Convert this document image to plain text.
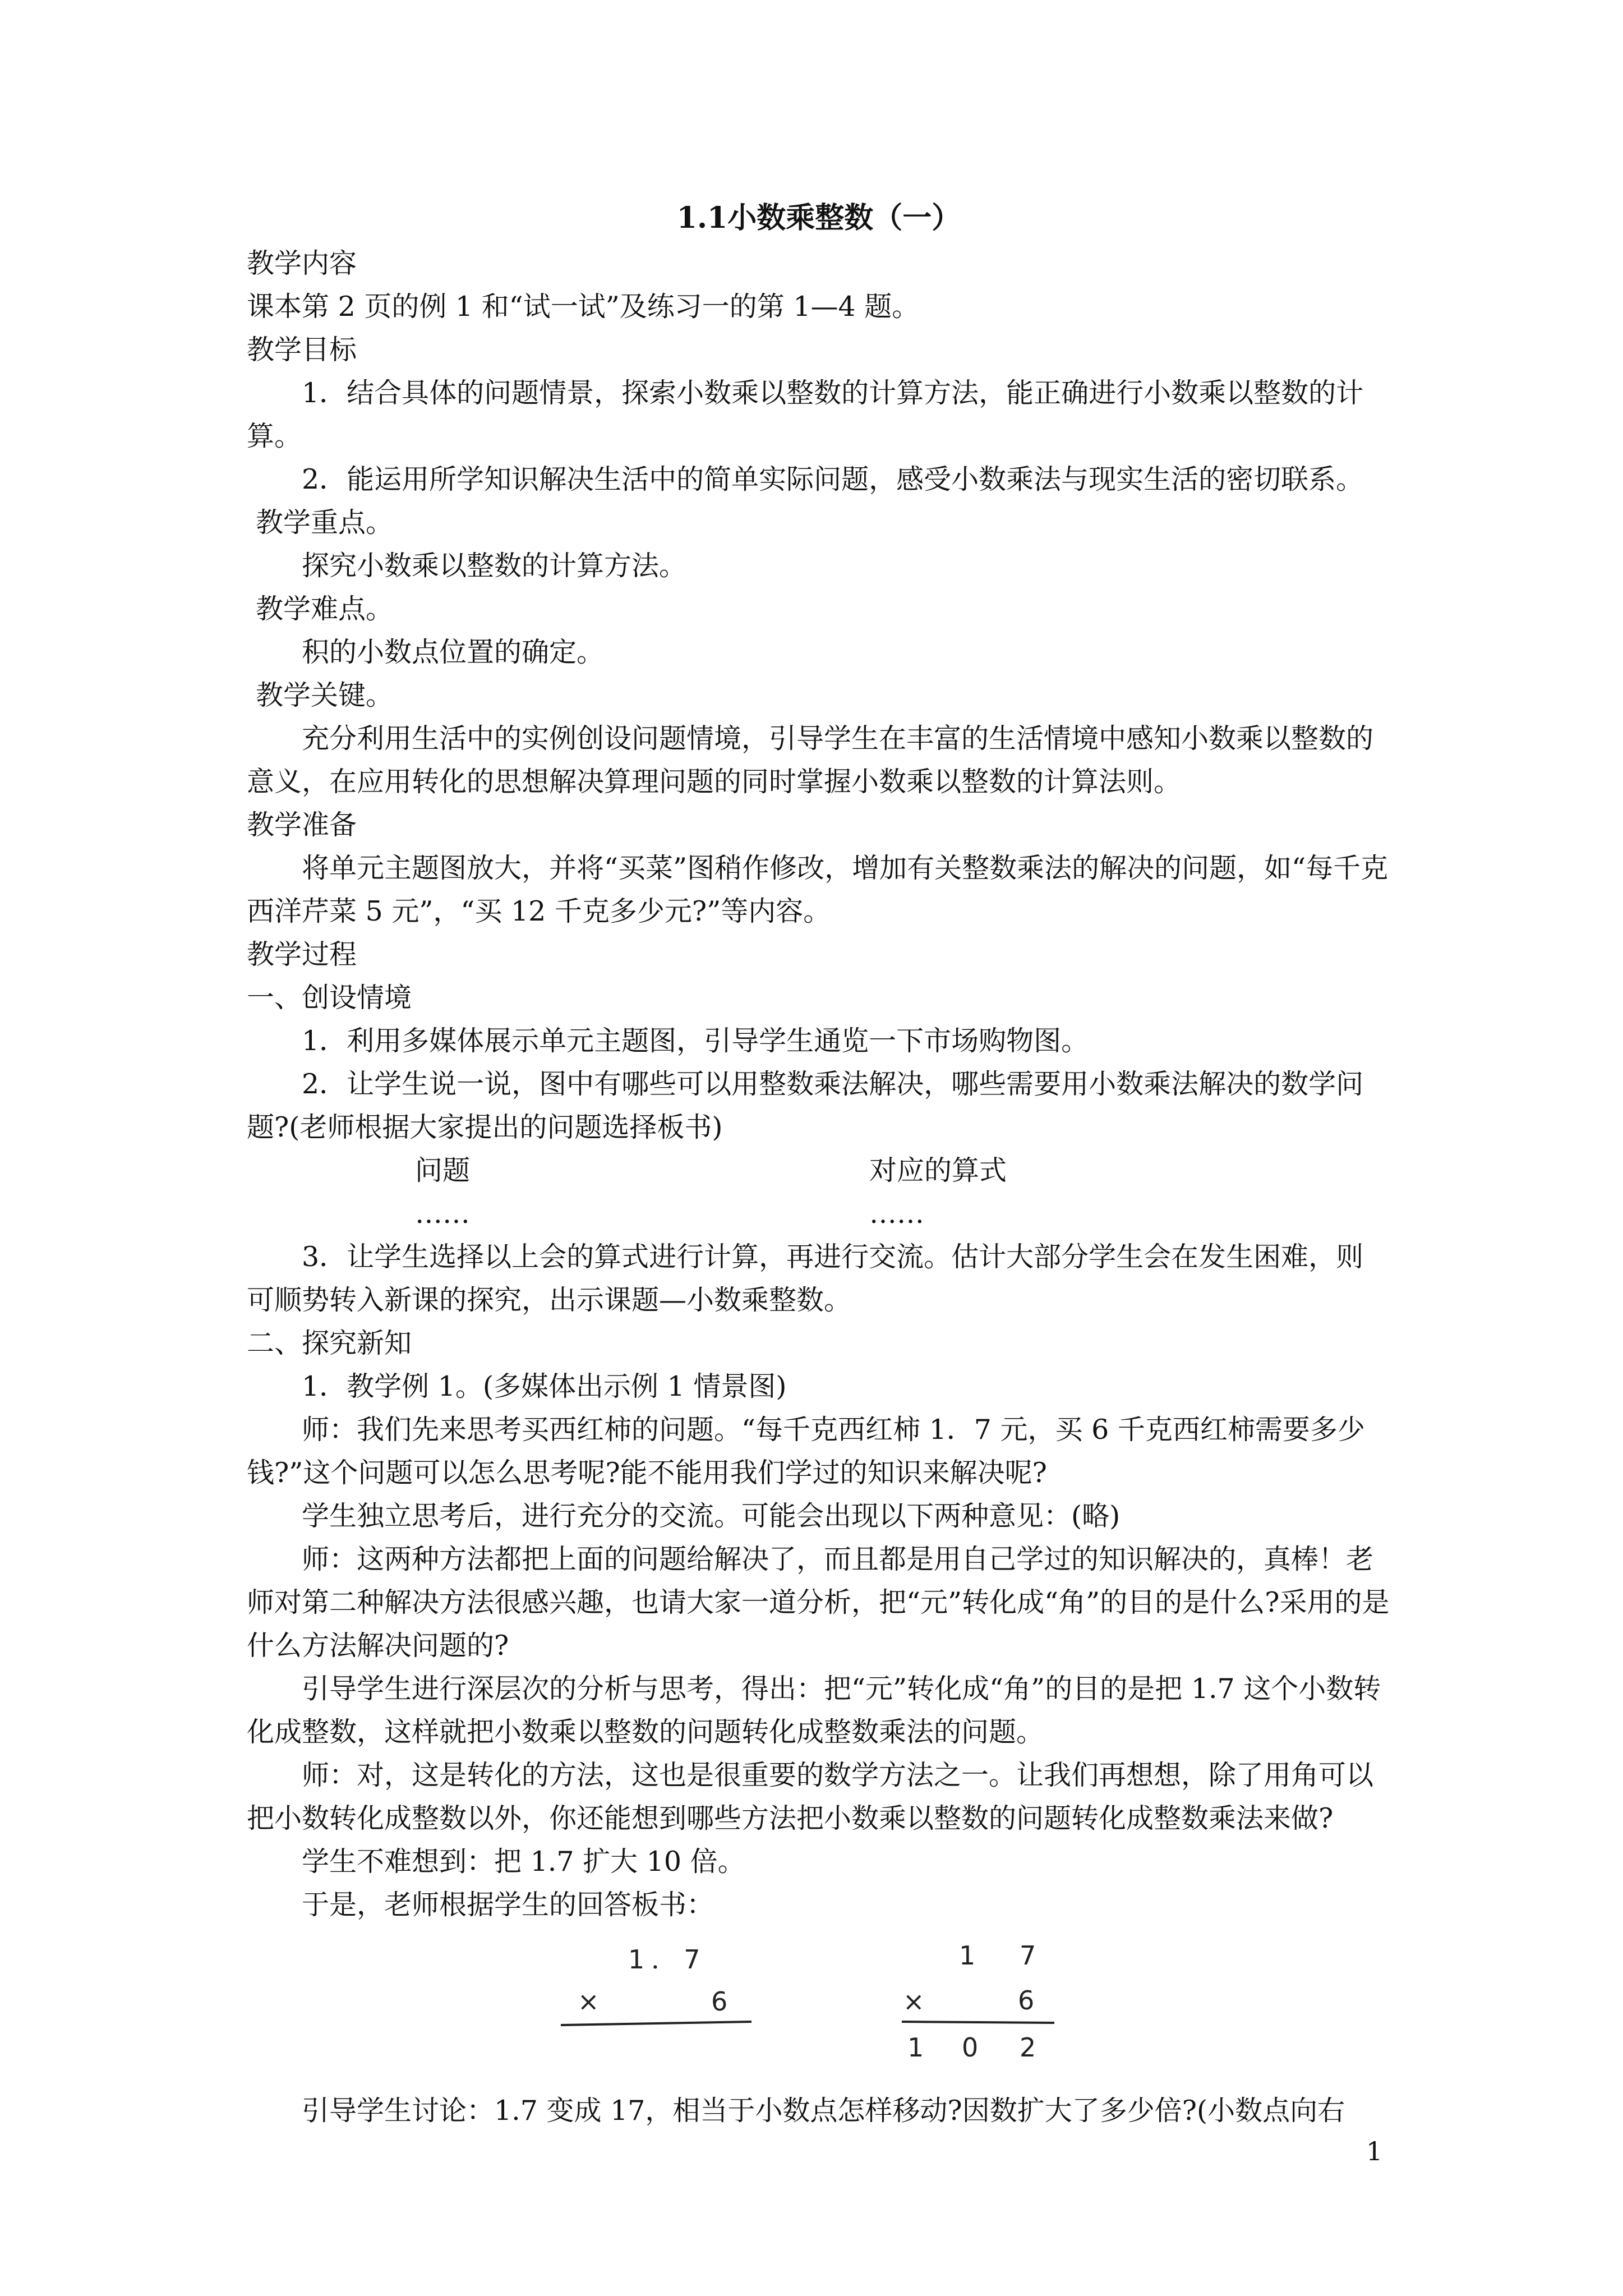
1.1小数乘整数（一）

教学内容

课本第 2 页的例 1 和“试一试”及练习一的第 1—4 题。

教学目标

1．结合具体的问题情景，探索小数乘以整数的计算方法，能正确进行小数乘以整数的计算。

2．能运用所学知识解决生活中的简单实际问题，感受小数乘法与现实生活的密切联系。

教学重点。

探究小数乘以整数的计算方法。

教学难点。

积的小数点位置的确定。

教学关键。

充分利用生活中的实例创设问题情境，引导学生在丰富的生活情境中感知小数乘以整数的意义，在应用转化的思想解决算理问题的同时掌握小数乘以整数的计算法则。

教学准备

将单元主题图放大，并将“买菜”图稍作修改，增加有关整数乘法的解决的问题，如“每千克西洋芹菜 5 元”，“买 12 千克多少元?”等内容。

教学过程

一、创设情境

1．利用多媒体展示单元主题图，引导学生通览一下市场购物图。

2．让学生说一说，图中有哪些可以用整数乘法解决，哪些需要用小数乘法解决的数学问题?(老师根据大家提出的问题选择板书)

问题	对应的算式
……	……

3．让学生选择以上会的算式进行计算，再进行交流。估计大部分学生会在发生困难，则可顺势转入新课的探究，出示课题—小数乘整数。

二、探究新知

1．教学例 1。(多媒体出示例 1 情景图)

师：我们先来思考买西红柿的问题。“每千克西红柿 1．7 元，买 6 千克西红柿需要多少钱?”这个问题可以怎么思考呢?能不能用我们学过的知识来解决呢?

学生独立思考后，进行充分的交流。可能会出现以下两种意见：(略)

师：这两种方法都把上面的问题给解决了，而且都是用自己学过的知识解决的，真棒！老师对第二种解决方法很感兴趣，也请大家一道分析，把“元”转化成“角”的目的是什么?采用的是什么方法解决问题的?

引导学生进行深层次的分析与思考，得出：把“元”转化成“角”的目的是把 1.7 这个小数转化成整数，这样就把小数乘以整数的问题转化成整数乘法的问题。

师：对，这是转化的方法，这也是很重要的数学方法之一。让我们再想想，除了用角可以把小数转化成整数以外，你还能想到哪些方法把小数乘以整数的问题转化成整数乘法来做?

学生不难想到：把 1.7 扩大 10 倍。

于是，老师根据学生的回答板书：

1．7
×	6
1 7
6
×
1 0 2

引导学生讨论：1.7 变成 17，相当于小数点怎样移动?因数扩大了多少倍?(小数点向右

1
